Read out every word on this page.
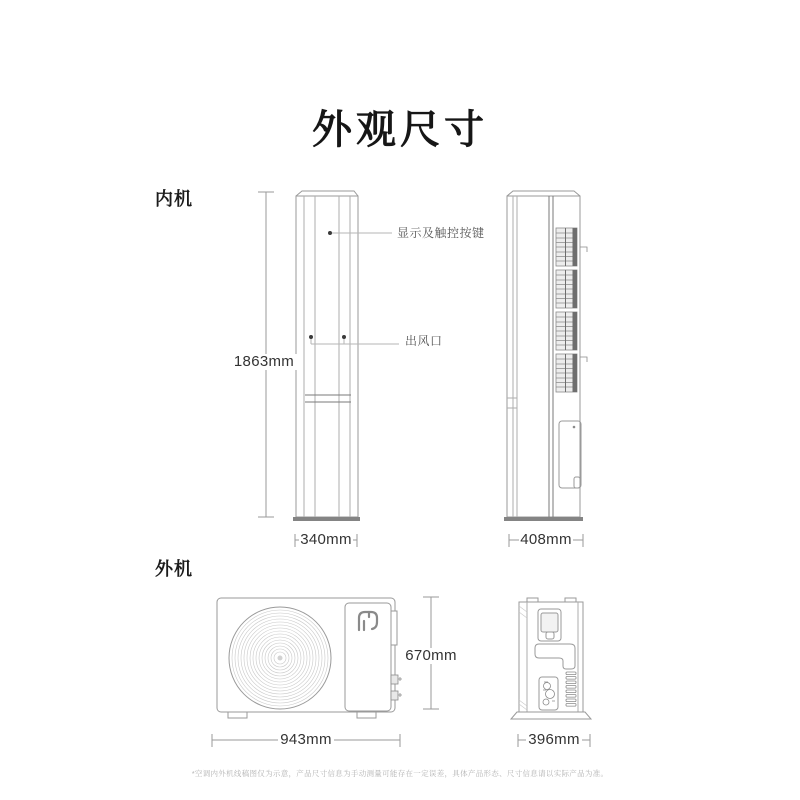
外观尺寸
内机
外机
1863mm
340mm	408mm
显示及触控按键
出风口
670mm
943mm	396mm
*空调内外机线稿图仅为示意，产品尺寸信息为手动测量可能存在一定误差，具体产品形态、尺寸信息请以实际产品为准。
